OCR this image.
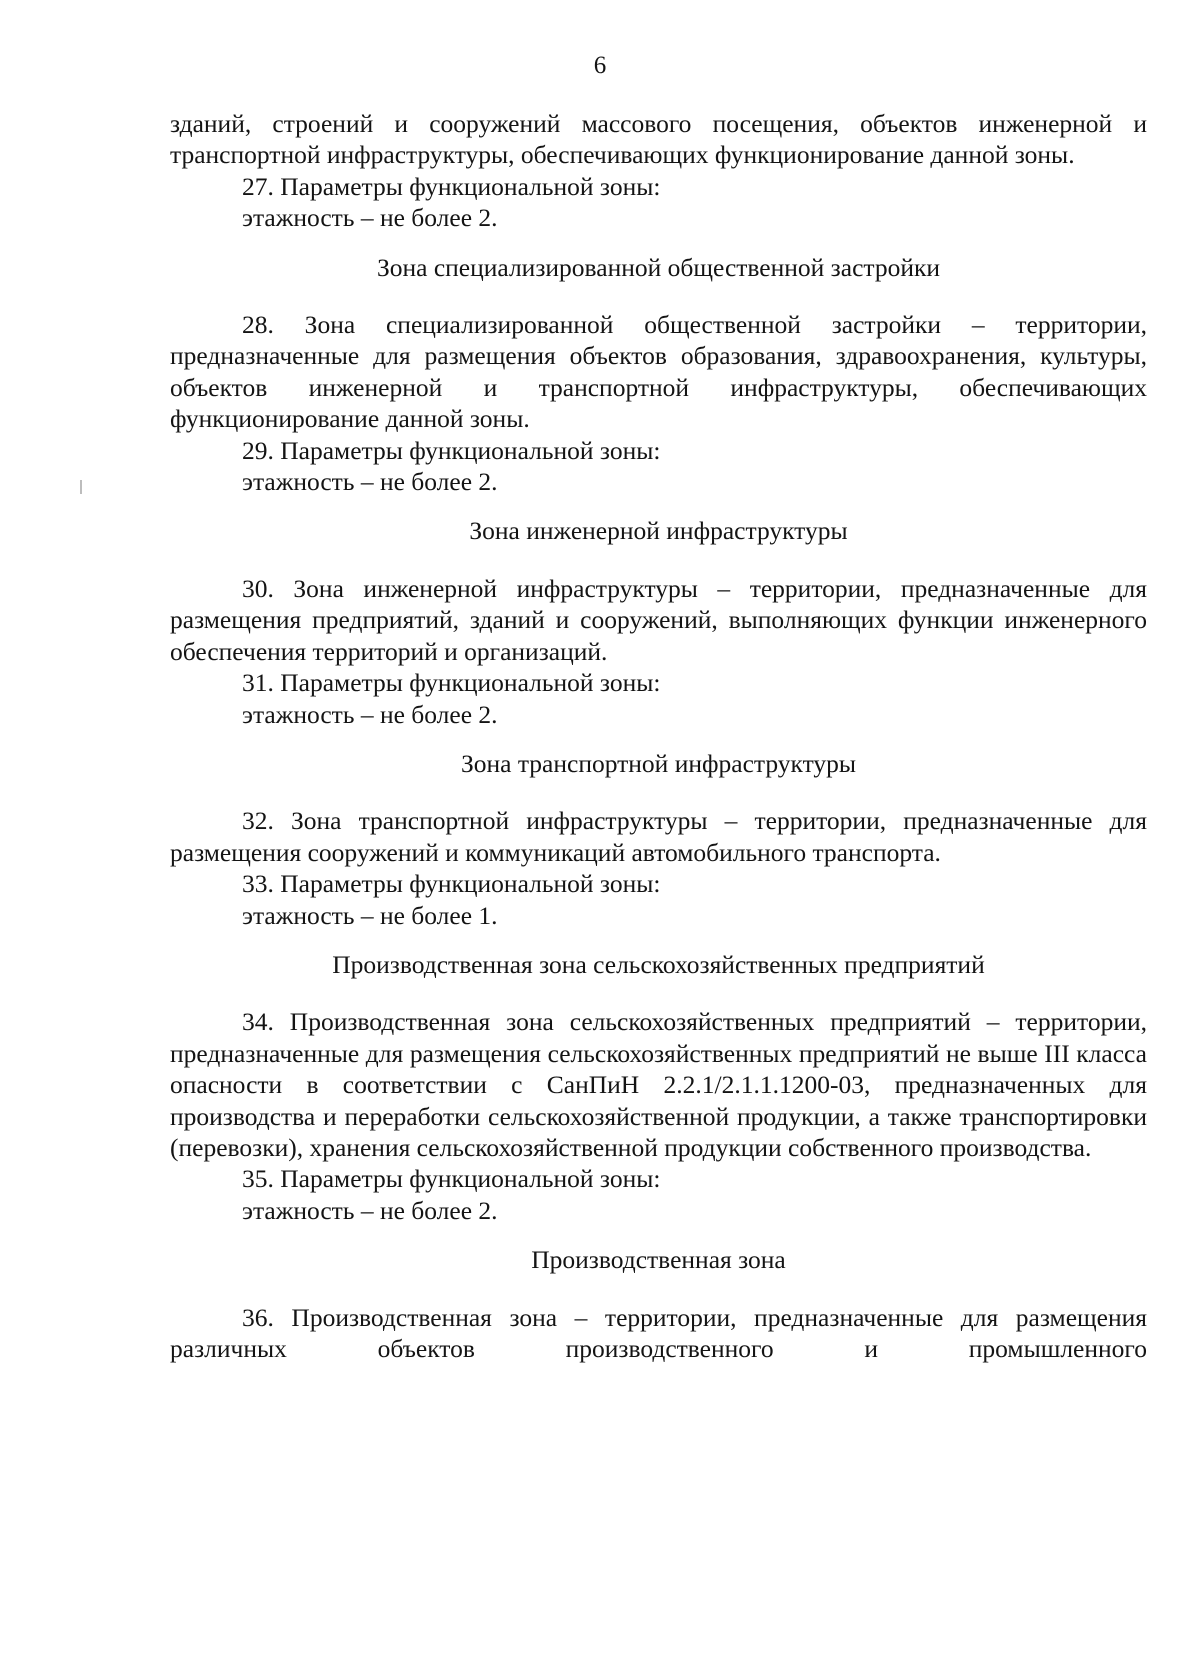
6

зданий, строений и сооружений массового посещения, объектов инженерной и транспортной инфраструктуры, обеспечивающих функционирование данной зоны.

27. Параметры функциональной зоны:

этажность – не более 2.

Зона специализированной общественной застройки

28. Зона специализированной общественной застройки – территории, предназначенные для размещения объектов образования, здравоохранения, культуры, объектов инженерной и транспортной инфраструктуры, обеспечивающих функционирование данной зоны.

29. Параметры функциональной зоны:

этажность – не более 2.

Зона инженерной инфраструктуры

30. Зона инженерной инфраструктуры – территории, предназначенные для размещения предприятий, зданий и сооружений, выполняющих функции инженерного обеспечения территорий и организаций.

31. Параметры функциональной зоны:

этажность – не более 2.

Зона транспортной инфраструктуры

32. Зона транспортной инфраструктуры – территории, предназначенные для размещения сооружений и коммуникаций автомобильного транспорта.

33. Параметры функциональной зоны:

этажность – не более 1.

Производственная зона сельскохозяйственных предприятий

34. Производственная зона сельскохозяйственных предприятий – территории, предназначенные для размещения сельскохозяйственных предприятий не выше III класса опасности в соответствии с СанПиН 2.2.1/2.1.1.1200-03, предназначенных для производства и переработки сельскохозяйственной продукции, а также транспортировки (перевозки), хранения сельскохозяйственной продукции собственного производства.

35. Параметры функциональной зоны:

этажность – не более 2.

Производственная зона

36. Производственная зона – территории, предназначенные для размещения различных объектов производственного и промышленного
